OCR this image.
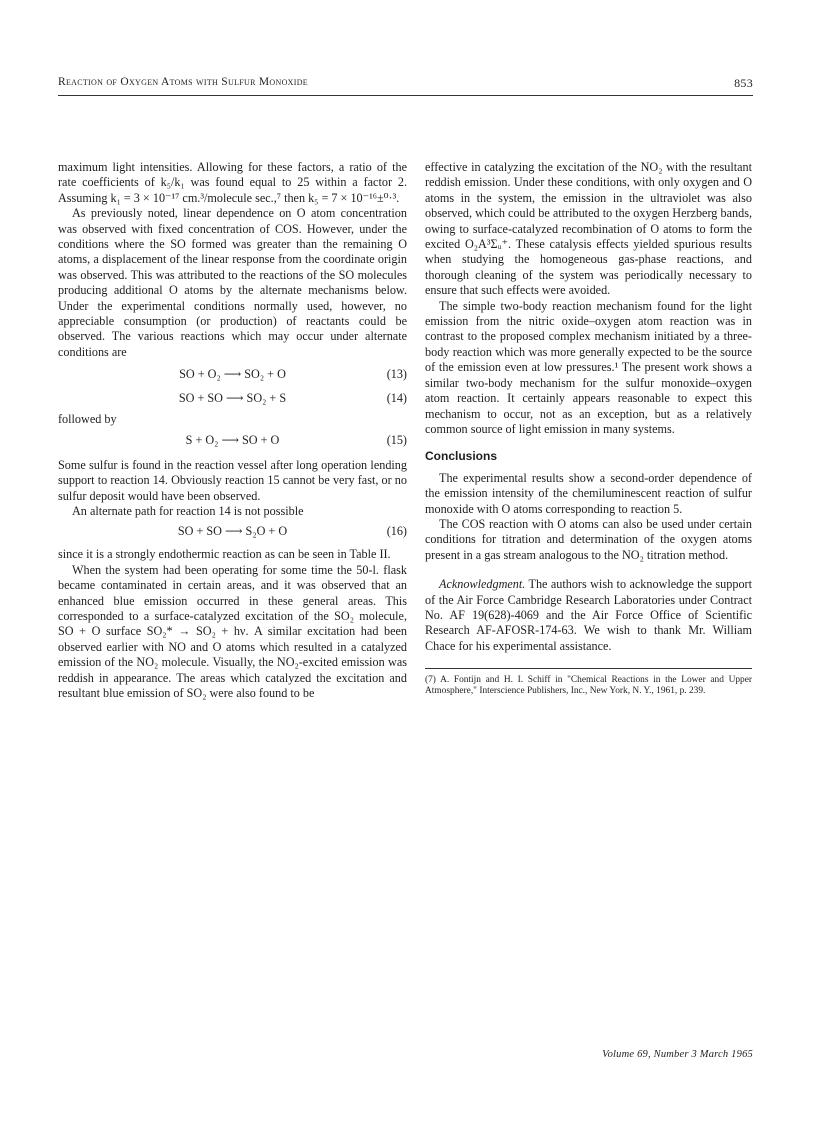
Reaction of Oxygen Atoms with Sulfur Monoxide	853

maximum light intensities. Allowing for these factors, a ratio of the rate coefficients of k₅/k₁ was found equal to 25 within a factor 2. Assuming k₁ = 3 × 10⁻¹⁷ cm.³/molecule sec.,⁷ then k₅ = 7 × 10⁻¹⁶±⁰·³.

As previously noted, linear dependence on O atom concentration was observed with fixed concentration of COS. However, under the conditions where the SO formed was greater than the remaining O atoms, a displacement of the linear response from the coordinate origin was observed. This was attributed to the reactions of the SO molecules producing additional O atoms by the alternate mechanisms below. Under the experimental conditions normally used, however, no appreciable consumption (or production) of reactants could be observed. The various reactions which may occur under alternate conditions are

SO + O₂ ⟶ SO₂ + O	(13)
SO + SO ⟶ SO₂ + S	(14)

followed by

S + O₂ ⟶ SO + O	(15)

Some sulfur is found in the reaction vessel after long operation lending support to reaction 14. Obviously reaction 15 cannot be very fast, or no sulfur deposit would have been observed.

An alternate path for reaction 14 is not possible

SO + SO ⟶ S₂O + O	(16)

since it is a strongly endothermic reaction as can be seen in Table II.

When the system had been operating for some time the 50-l. flask became contaminated in certain areas, and it was observed that an enhanced blue emission occurred in these general areas. This corresponded to a surface-catalyzed excitation of the SO₂ molecule, SO + O surface SO₂* → SO₂ + hν. A similar excitation had been observed earlier with NO and O atoms which resulted in a catalyzed emission of the NO₂ molecule. Visually, the NO₂-excited emission was reddish in appearance. The areas which catalyzed the excitation and resultant blue emission of SO₂ were also found to be

effective in catalyzing the excitation of the NO₂ with the resultant reddish emission. Under these conditions, with only oxygen and O atoms in the system, the emission in the ultraviolet was also observed, which could be attributed to the oxygen Herzberg bands, owing to surface-catalyzed recombination of O atoms to form the excited O₂A³Σᵤ⁺. These catalysis effects yielded spurious results when studying the homogeneous gas-phase reactions, and thorough cleaning of the system was periodically necessary to ensure that such effects were avoided.

The simple two-body reaction mechanism found for the light emission from the nitric oxide–oxygen atom reaction was in contrast to the proposed complex mechanism initiated by a three-body reaction which was more generally expected to be the source of the emission even at low pressures.¹ The present work shows a similar two-body mechanism for the sulfur monoxide–oxygen atom reaction. It certainly appears reasonable to expect this mechanism to occur, not as an exception, but as a relatively common source of light emission in many systems.

Conclusions

The experimental results show a second-order dependence of the emission intensity of the chemiluminescent reaction of sulfur monoxide with O atoms corresponding to reaction 5.

The COS reaction with O atoms can also be used under certain conditions for titration and determination of the oxygen atoms present in a gas stream analogous to the NO₂ titration method.

Acknowledgment. The authors wish to acknowledge the support of the Air Force Cambridge Research Laboratories under Contract No. AF 19(628)-4069 and the Air Force Office of Scientific Research AF-AFOSR-174-63. We wish to thank Mr. William Chace for his experimental assistance.

(7) A. Fontijn and H. I. Schiff in "Chemical Reactions in the Lower and Upper Atmosphere," Interscience Publishers, Inc., New York, N. Y., 1961, p. 239.

Volume 69, Number 3 March 1965
